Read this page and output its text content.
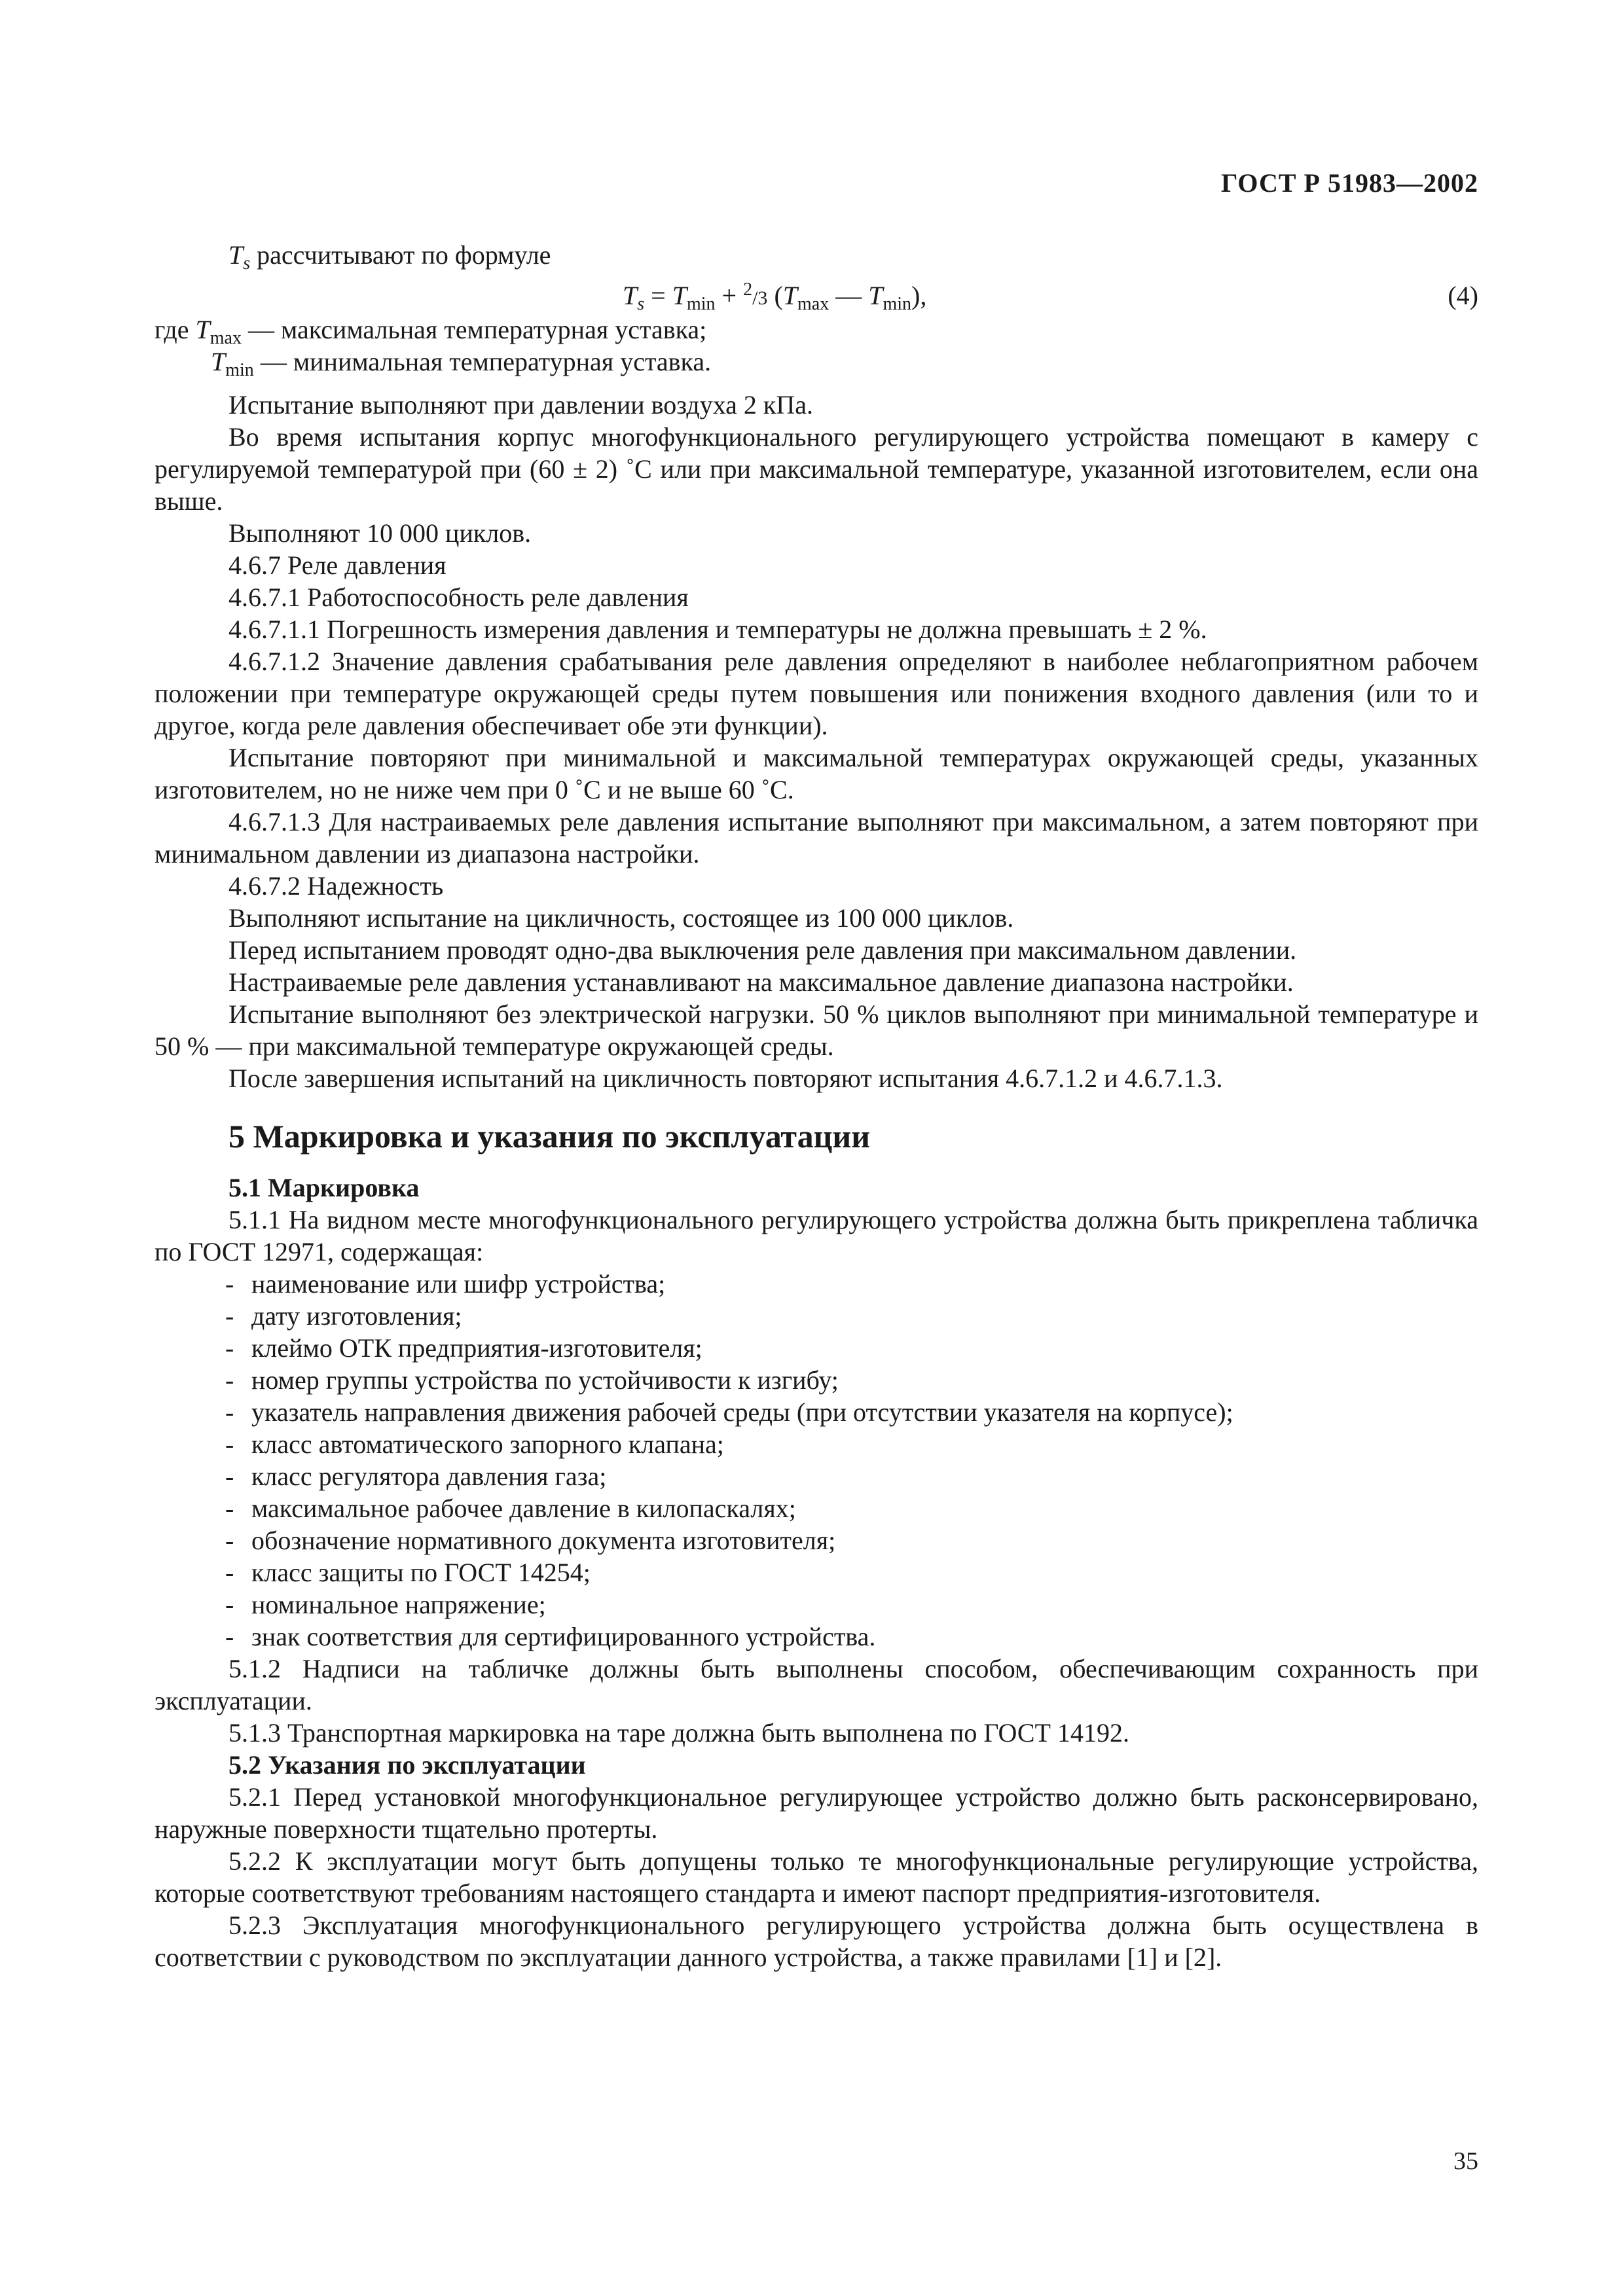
ГОСТ Р 51983—2002

$T_s$ рассчитывают по формуле

$T_s = T_{min} + ^2/3$ ($T_{max}$ — $T_{min}$),	(4)

где $T_{max}$ — максимальная температурная уставка;

$T_{min}$ — минимальная температурная уставка.

Испытание выполняют при давлении воздуха 2 кПа.

Во время испытания корпус многофункционального регулирующего устройства помещают в камеру с регулируемой температурой при (60 ± 2) ˚С или при максимальной температуре, указанной изготовителем, если она выше.

Выполняют 10 000 циклов.

4.6.7 Реле давления

4.6.7.1 Работоспособность реле давления

4.6.7.1.1 Погрешность измерения давления и температуры не должна превышать ± 2 %.

4.6.7.1.2 Значение давления срабатывания реле давления определяют в наиболее неблагоприятном рабочем положении при температуре окружающей среды путем повышения или понижения входного давления (или то и другое, когда реле давления обеспечивает обе эти функции).

Испытание повторяют при минимальной и максимальной температурах окружающей среды, указанных изготовителем, но не ниже чем при 0 ˚С и не выше 60 ˚С.

4.6.7.1.3 Для настраиваемых реле давления испытание выполняют при максимальном, а затем повторяют при минимальном давлении из диапазона настройки.

4.6.7.2 Надежность

Выполняют испытание на цикличность, состоящее из 100 000 циклов.

Перед испытанием проводят одно-два выключения реле давления при максимальном давлении.

Настраиваемые реле давления устанавливают на максимальное давление диапазона настройки.

Испытание выполняют без электрической нагрузки. 50 % циклов выполняют при минимальной температуре и 50 % — при максимальной температуре окружающей среды.

После завершения испытаний на цикличность повторяют испытания 4.6.7.1.2 и 4.6.7.1.3.

5 Маркировка и указания по эксплуатации
5.1 Маркировка

5.1.1 На видном месте многофункционального регулирующего устройства должна быть прикреплена табличка по ГОСТ 12971, содержащая:

- наименование или шифр устройства;
- дату изготовления;
- клеймо ОТК предприятия-изготовителя;
- номер группы устройства по устойчивости к изгибу;
- указатель направления движения рабочей среды (при отсутствии указателя на корпусе);
- класс автоматического запорного клапана;
- класс регулятора давления газа;
- максимальное рабочее давление в килопаскалях;
- обозначение нормативного документа изготовителя;
- класс защиты по ГОСТ 14254;
- номинальное напряжение;
- знак соответствия для сертифицированного устройства.

5.1.2 Надписи на табличке должны быть выполнены способом, обеспечивающим сохранность при эксплуатации.

5.1.3 Транспортная маркировка на таре должна быть выполнена по ГОСТ 14192.

5.2 Указания по эксплуатации

5.2.1 Перед установкой многофункциональное регулирующее устройство должно быть расконсервировано, наружные поверхности тщательно протерты.

5.2.2 К эксплуатации могут быть допущены только те многофункциональные регулирующие устройства, которые соответствуют требованиям настоящего стандарта и имеют паспорт предприятия-изготовителя.

5.2.3 Эксплуатация многофункционального регулирующего устройства должна быть осуществлена в соответствии с руководством по эксплуатации данного устройства, а также правилами [1] и [2].

35
